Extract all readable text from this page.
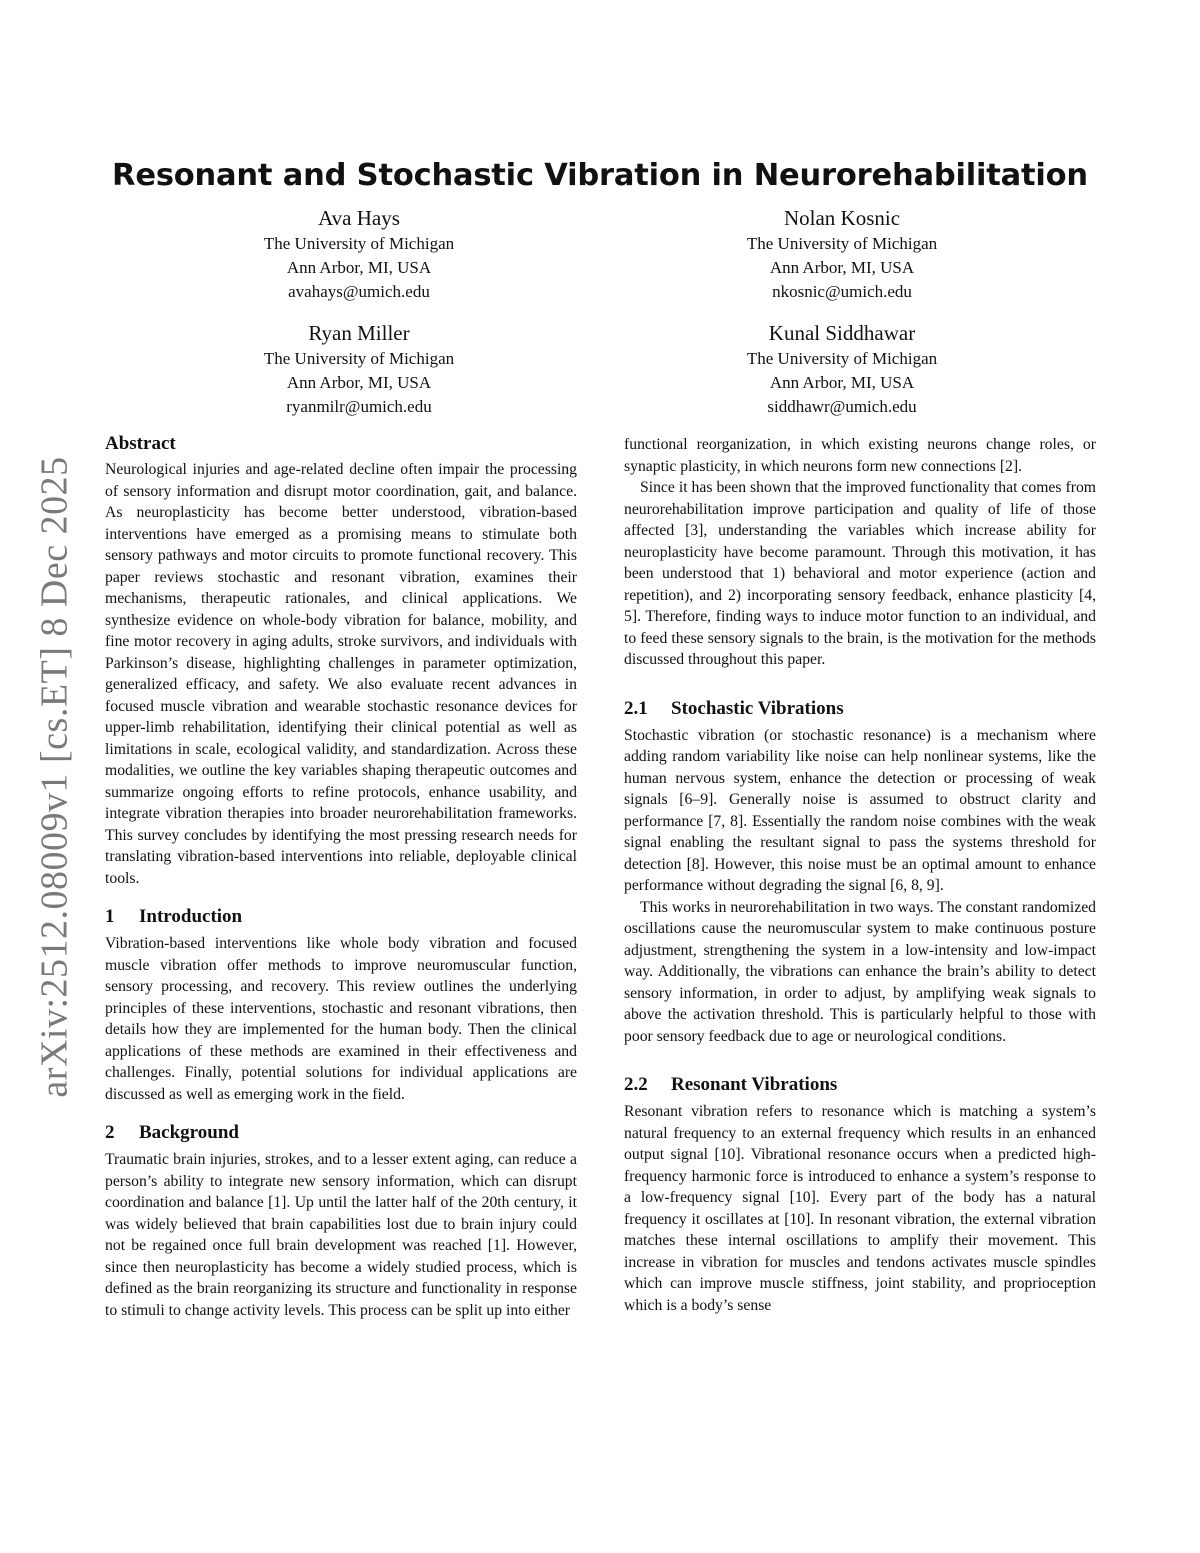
arXiv:2512.08009v1 [cs.ET] 8 Dec 2025
Resonant and Stochastic Vibration in Neurorehabilitation
Ava Hays
The University of Michigan
Ann Arbor, MI, USA
avahays@umich.edu
Nolan Kosnic
The University of Michigan
Ann Arbor, MI, USA
nkosnic@umich.edu
Ryan Miller
The University of Michigan
Ann Arbor, MI, USA
ryanmilr@umich.edu
Kunal Siddhawar
The University of Michigan
Ann Arbor, MI, USA
siddhawr@umich.edu
Abstract

Neurological injuries and age-related decline often impair the processing of sensory information and disrupt motor coordination, gait, and balance. As neuroplasticity has become better understood, vibration-based interventions have emerged as a promising means to stimulate both sensory pathways and motor circuits to promote functional recovery. This paper reviews stochastic and resonant vibration, examines their mechanisms, therapeutic rationales, and clinical applications. We synthesize evidence on whole-body vibration for balance, mobility, and fine motor recovery in aging adults, stroke survivors, and individuals with Parkinson’s disease, highlighting challenges in parameter optimization, generalized efficacy, and safety. We also evaluate recent advances in focused muscle vibration and wearable stochastic resonance devices for upper-limb rehabilitation, identifying their clinical potential as well as limitations in scale, ecological validity, and standardization. Across these modalities, we outline the key variables shaping therapeutic outcomes and summarize ongoing efforts to refine protocols, enhance usability, and integrate vibration therapies into broader neurorehabilitation frameworks. This survey concludes by identifying the most pressing research needs for translating vibration-based interventions into reliable, deployable clinical tools.

1 Introduction

Vibration-based interventions like whole body vibration and focused muscle vibration offer methods to improve neuromuscular function, sensory processing, and recovery. This review outlines the underlying principles of these interventions, stochastic and resonant vibrations, then details how they are implemented for the human body. Then the clinical applications of these methods are examined in their effectiveness and challenges. Finally, potential solutions for individual applications are discussed as well as emerging work in the field.

2 Background

Traumatic brain injuries, strokes, and to a lesser extent aging, can reduce a person’s ability to integrate new sensory information, which can disrupt coordination and balance [1]. Up until the latter half of the 20th century, it was widely believed that brain capabilities lost due to brain injury could not be regained once full brain development was reached [1]. However, since then neuroplasticity has become a widely studied process, which is defined as the brain reorganizing its structure and functionality in response to stimuli to change activity levels. This process can be split up into either

functional reorganization, in which existing neurons change roles, or synaptic plasticity, in which neurons form new connections [2].

Since it has been shown that the improved functionality that comes from neurorehabilitation improve participation and quality of life of those affected [3], understanding the variables which increase ability for neuroplasticity have become paramount. Through this motivation, it has been understood that 1) behavioral and motor experience (action and repetition), and 2) incorporating sensory feedback, enhance plasticity [4, 5]. Therefore, finding ways to induce motor function to an individual, and to feed these sensory signals to the brain, is the motivation for the methods discussed throughout this paper.

2.1 Stochastic Vibrations

Stochastic vibration (or stochastic resonance) is a mechanism where adding random variability like noise can help nonlinear systems, like the human nervous system, enhance the detection or processing of weak signals [6–9]. Generally noise is assumed to obstruct clarity and performance [7, 8]. Essentially the random noise combines with the weak signal enabling the resultant signal to pass the systems threshold for detection [8]. However, this noise must be an optimal amount to enhance performance without degrading the signal [6, 8, 9].

This works in neurorehabilitation in two ways. The constant randomized oscillations cause the neuromuscular system to make continuous posture adjustment, strengthening the system in a low-intensity and low-impact way. Additionally, the vibrations can enhance the brain’s ability to detect sensory information, in order to adjust, by amplifying weak signals to above the activation threshold. This is particularly helpful to those with poor sensory feedback due to age or neurological conditions.

2.2 Resonant Vibrations

Resonant vibration refers to resonance which is matching a system’s natural frequency to an external frequency which results in an enhanced output signal [10]. Vibrational resonance occurs when a predicted high-frequency harmonic force is introduced to enhance a system’s response to a low-frequency signal [10]. Every part of the body has a natural frequency it oscillates at [10]. In resonant vibration, the external vibration matches these internal oscillations to amplify their movement. This increase in vibration for muscles and tendons activates muscle spindles which can improve muscle stiffness, joint stability, and proprioception which is a body’s sense
